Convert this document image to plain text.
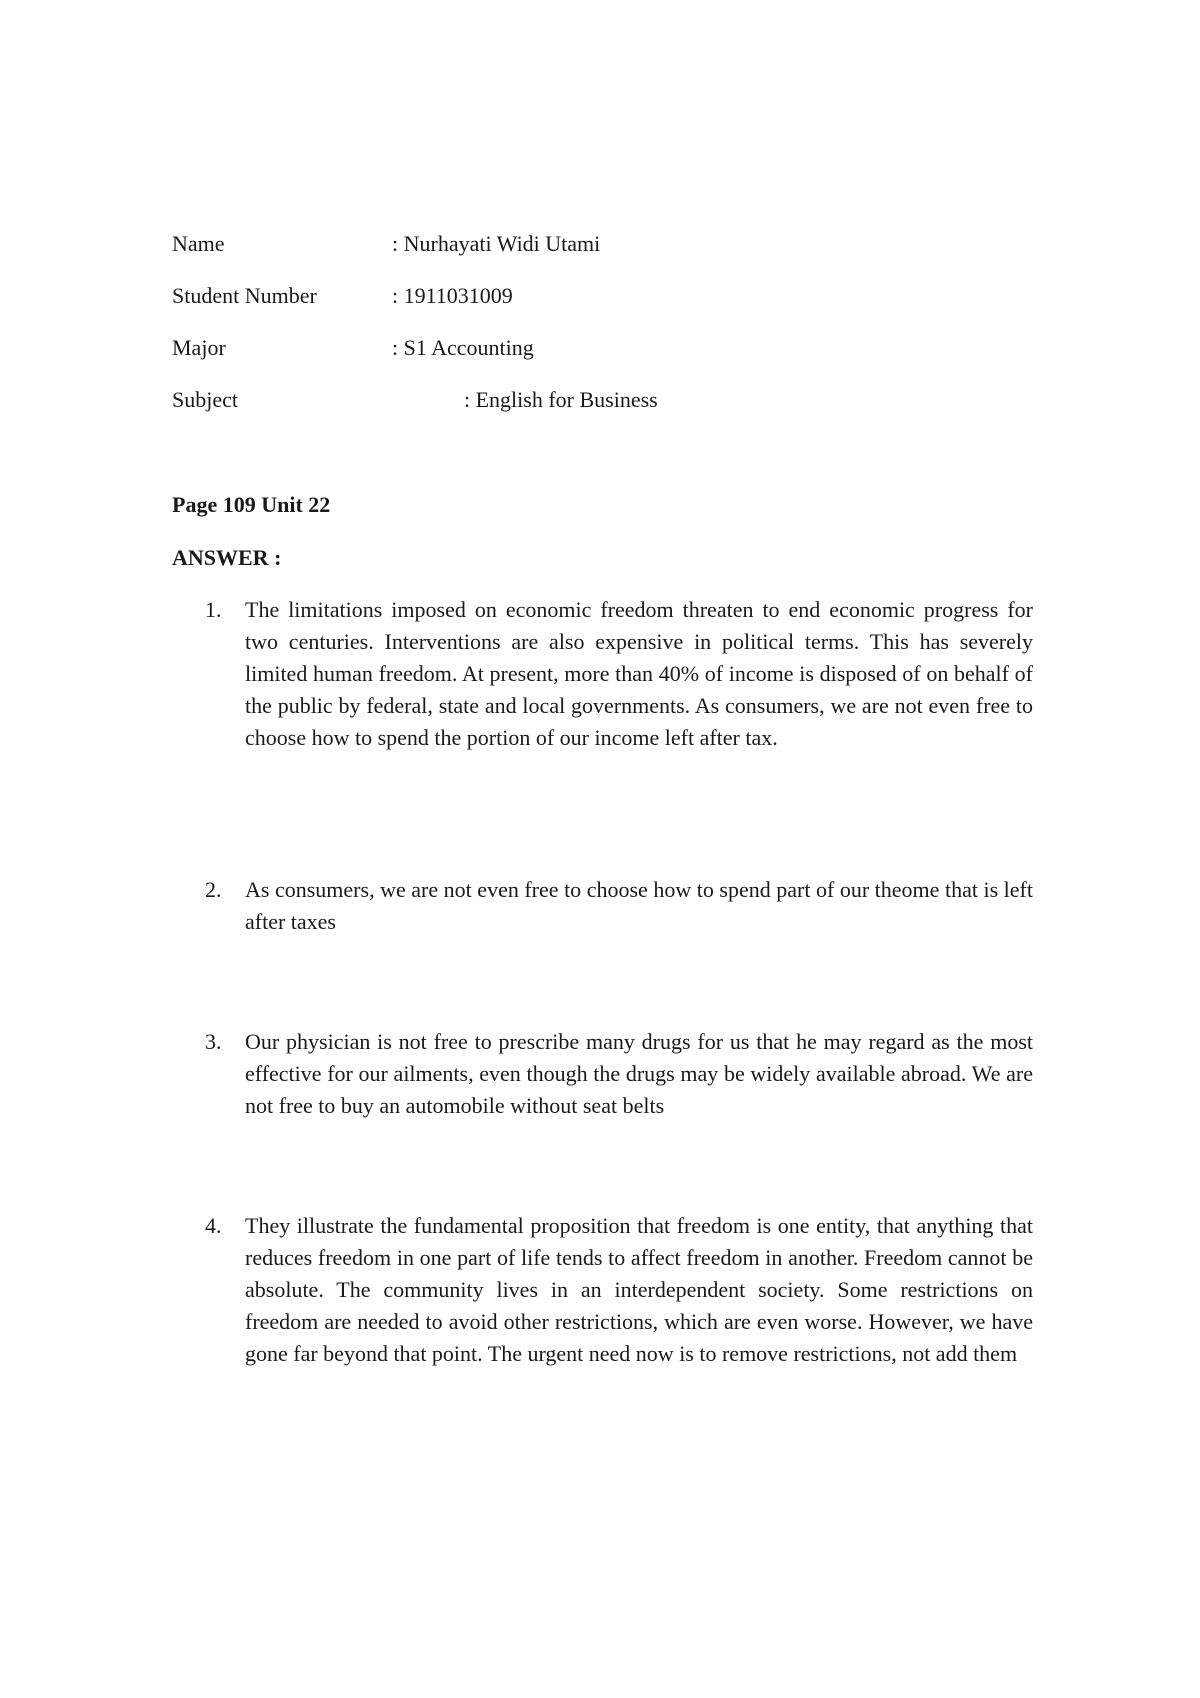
Name	: Nurhayati Widi Utami
Student Number	: 1911031009
Major	: S1 Accounting
Subject	: English for Business
Page 109 Unit 22
ANSWER :
1. The limitations imposed on economic freedom threaten to end economic progress for two centuries. Interventions are also expensive in political terms. This has severely limited human freedom. At present, more than 40% of income is disposed of on behalf of the public by federal, state and local governments. As consumers, we are not even free to choose how to spend the portion of our income left after tax.
2. As consumers, we are not even free to choose how to spend part of our theome that is left after taxes
3. Our physician is not free to prescribe many drugs for us that he may regard as the most effective for our ailments, even though the drugs may be widely available abroad. We are not free to buy an automobile without seat belts
4. They illustrate the fundamental proposition that freedom is one entity, that anything that reduces freedom in one part of life tends to affect freedom in another. Freedom cannot be absolute. The community lives in an interdependent society. Some restrictions on freedom are needed to avoid other restrictions, which are even worse. However, we have gone far beyond that point. The urgent need now is to remove restrictions, not add them
